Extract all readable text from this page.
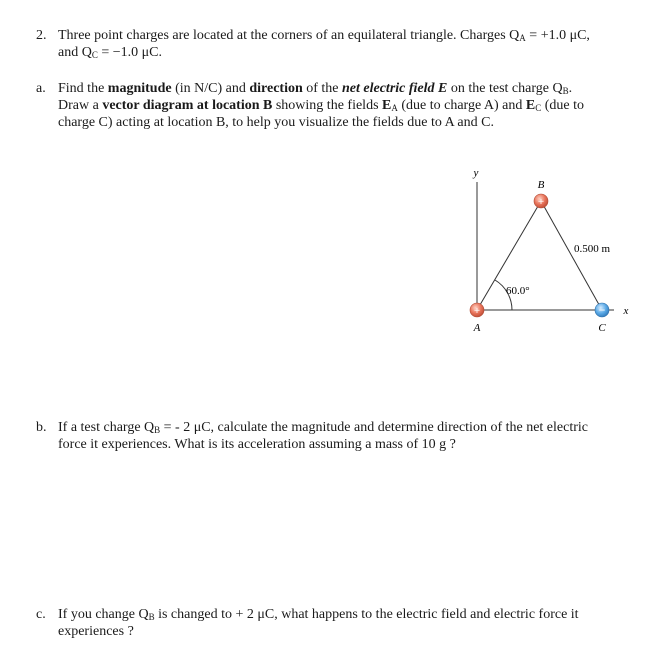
2. Three point charges are located at the corners of an equilateral triangle. Charges $Q_A = +1.0$ μC,
and $Q_C = -1.0$ μC.
a. Find the magnitude (in N/C) and direction of the net electric field E on the test charge $Q_B$.
Draw a vector diagram at location B showing the fields $E_A$ (due to charge A) and $E_C$ (due to
charge C) acting at location B, to help you visualize the fields due to A and C.
y
x
60.0°
0.500 m
+
+
−
A
B
C
b. If a test charge $Q_B$ = - 2 μC, calculate the magnitude and determine direction of the net electric
force it experiences. What is its acceleration assuming a mass of 10 g ?
c. If you change $Q_B$ is changed to + 2 μC, what happens to the electric field and electric force it
experiences ?
